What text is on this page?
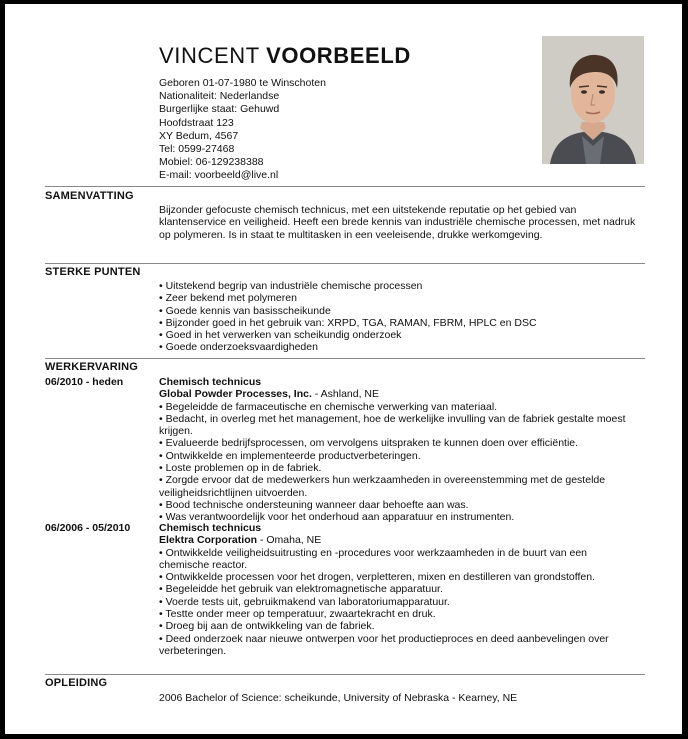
VINCENT VOORBEELD
Geboren 01-07-1980 te Winschoten
Nationaliteit: Nederlandse
Burgerlijke staat: Gehuwd
Hoofdstraat 123
XY Bedum, 4567
Tel: 0599-27468
Mobiel: 06-129238388
E-mail: voorbeeld@live.nl
SAMENVATTING
Bijzonder gefocuste chemisch technicus, met een uitstekende reputatie op het gebied van klantenservice en veiligheid. Heeft een brede kennis van industriële chemische processen, met nadruk op polymeren. Is in staat te multitasken in een veeleisende, drukke werkomgeving.
STERKE PUNTEN
• Uitstekend begrip van industriële chemische processen
• Zeer bekend met polymeren
• Goede kennis van basisscheikunde
• Bijzonder goed in het gebruik van: XRPD, TGA, RAMAN, FBRM, HPLC en DSC
• Goed in het verwerken van scheikundig onderzoek
• Goede onderzoeksvaardigheden
WERKERVARING
06/2010 - heden	Chemisch technicus
Global Powder Processes, Inc. - Ashland, NE
• Begeleidde de farmaceutische en chemische verwerking van materiaal.
• Bedacht, in overleg met het management, hoe de werkelijke invulling van de fabriek gestalte moest krijgen.
• Evalueerde bedrijfsprocessen, om vervolgens uitspraken te kunnen doen over efficiëntie.
• Ontwikkelde en implementeerde productverbeteringen.
• Loste problemen op in de fabriek.
• Zorgde ervoor dat de medewerkers hun werkzaamheden in overeenstemming met de gestelde veiligheidsrichtlijnen uitvoerden.
• Bood technische ondersteuning wanneer daar behoefte aan was.
• Was verantwoordelijk voor het onderhoud aan apparatuur en instrumenten.
06/2006 - 05/2010	Chemisch technicus
Elektra Corporation - Omaha, NE
• Ontwikkelde veiligheidsuitrusting en -procedures voor werkzaamheden in de buurt van een chemische reactor.
• Ontwikkelde processen voor het drogen, verpletteren, mixen en destilleren van grondstoffen.
• Begeleidde het gebruik van elektromagnetische apparatuur.
• Voerde tests uit, gebruikmakend van laboratoriumapparatuur.
• Testte onder meer op temperatuur, zwaartekracht en druk.
• Droeg bij aan de ontwikkeling van de fabriek.
• Deed onderzoek naar nieuwe ontwerpen voor het productieproces en deed aanbevelingen over verbeteringen.
OPLEIDING
2006 Bachelor of Science: scheikunde, University of Nebraska - Kearney, NE
